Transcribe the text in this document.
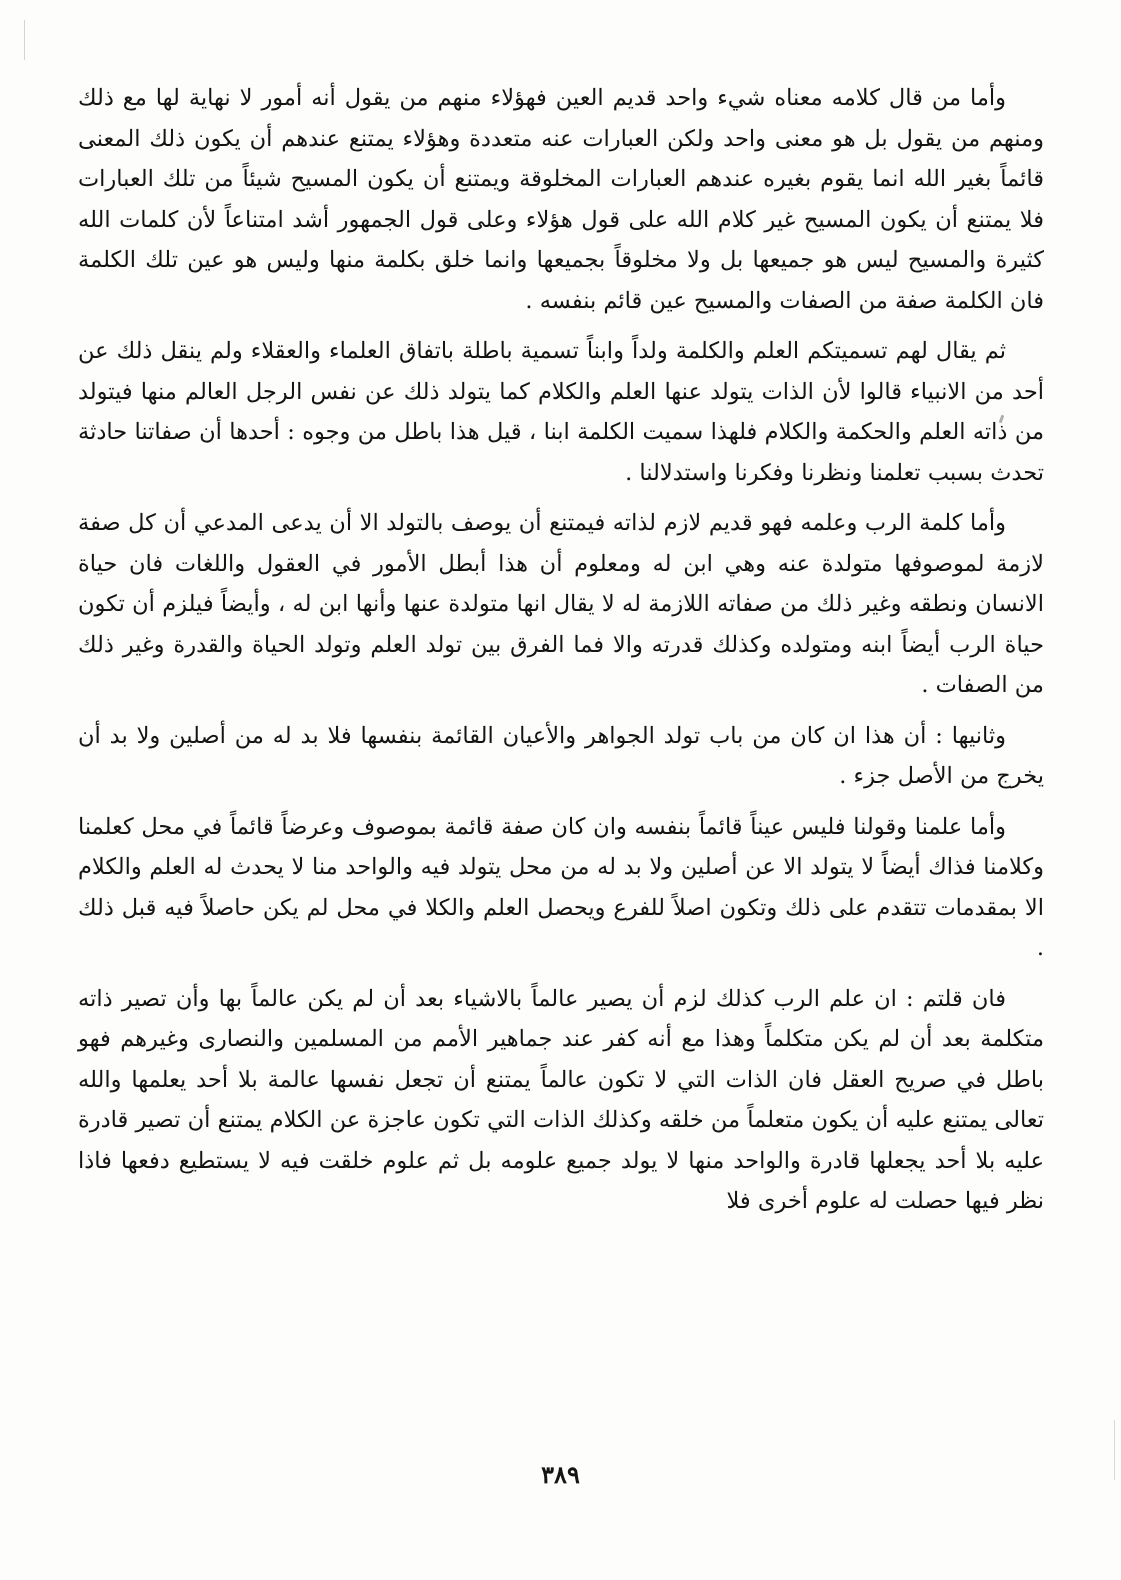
وأما من قال كلامه معناه شيء واحد قديم العين فهؤلاء منهم من يقول أنه أمور لا نهاية لها مع ذلك ومنهم من يقول بل هو معنى واحد ولكن العبارات عنه متعددة وهؤلاء يمتنع عندهم أن يكون ذلك المعنى قائماً بغير الله انما يقوم بغيره عندهم العبارات المخلوقة ويمتنع أن يكون المسيح شيئاً من تلك العبارات فلا يمتنع أن يكون المسيح غير كلام الله على قول هؤلاء وعلى قول الجمهور أشد امتناعاً لأن كلمات الله كثيرة والمسيح ليس هو جميعها بل ولا مخلوقاً بجميعها وانما خلق بكلمة منها وليس هو عين تلك الكلمة فان الكلمة صفة من الصفات والمسيح عين قائم بنفسه .

ثم يقال لهم تسميتكم العلم والكلمة ولداً وابناً تسمية باطلة باتفاق العلماء والعقلاء ولم ينقل ذلك عن أحد من الانبياء قالوا لأن الذات يتولد عنها العلم والكلام كما يتولد ذلك عن نفس الرجل العالم منها فيتولد من ذاته العلم والحكمة والكلام فلهذا سميت الكلمة ابنا ، قيل هذا باطل من وجوه : أحدها أن صفاتنا حادثة تحدث بسبب تعلمنا ونظرنا وفكرنا واستدلالنا .

وأما كلمة الرب وعلمه فهو قديم لازم لذاته فيمتنع أن يوصف بالتولد الا أن يدعى المدعي أن كل صفة لازمة لموصوفها متولدة عنه وهي ابن له ومعلوم أن هذا أبطل الأمور في العقول واللغات فان حياة الانسان ونطقه وغير ذلك من صفاته اللازمة له لا يقال انها متولدة عنها وأنها ابن له ، وأيضاً فيلزم أن تكون حياة الرب أيضاً ابنه ومتولده وكذلك قدرته والا فما الفرق بين تولد العلم وتولد الحياة والقدرة وغير ذلك من الصفات .

وثانيها : أن هذا ان كان من باب تولد الجواهر والأعيان القائمة بنفسها فلا بد له من أصلين ولا بد أن يخرج من الأصل جزء .

وأما علمنا وقولنا فليس عيناً قائماً بنفسه وان كان صفة قائمة بموصوف وعرضاً قائماً في محل كعلمنا وكلامنا فذاك أيضاً لا يتولد الا عن أصلين ولا بد له من محل يتولد فيه والواحد منا لا يحدث له العلم والكلام الا بمقدمات تتقدم على ذلك وتكون اصلاً للفرع ويحصل العلم والكلا في محل لم يكن حاصلاً فيه قبل ذلك .

فان قلتم : ان علم الرب كذلك لزم أن يصير عالماً بالاشياء بعد أن لم يكن عالماً بها وأن تصير ذاته متكلمة بعد أن لم يكن متكلماً وهذا مع أنه كفر عند جماهير الأمم من المسلمين والنصارى وغيرهم فهو باطل في صريح العقل فان الذات التي لا تكون عالماً يمتنع أن تجعل نفسها عالمة بلا أحد يعلمها والله تعالى يمتنع عليه أن يكون متعلماً من خلقه وكذلك الذات التي تكون عاجزة عن الكلام يمتنع أن تصير قادرة عليه بلا أحد يجعلها قادرة والواحد منها لا يولد جميع علومه بل ثم علوم خلقت فيه لا يستطيع دفعها فاذا نظر فيها حصلت له علوم أخرى فلا

٣٨٩
